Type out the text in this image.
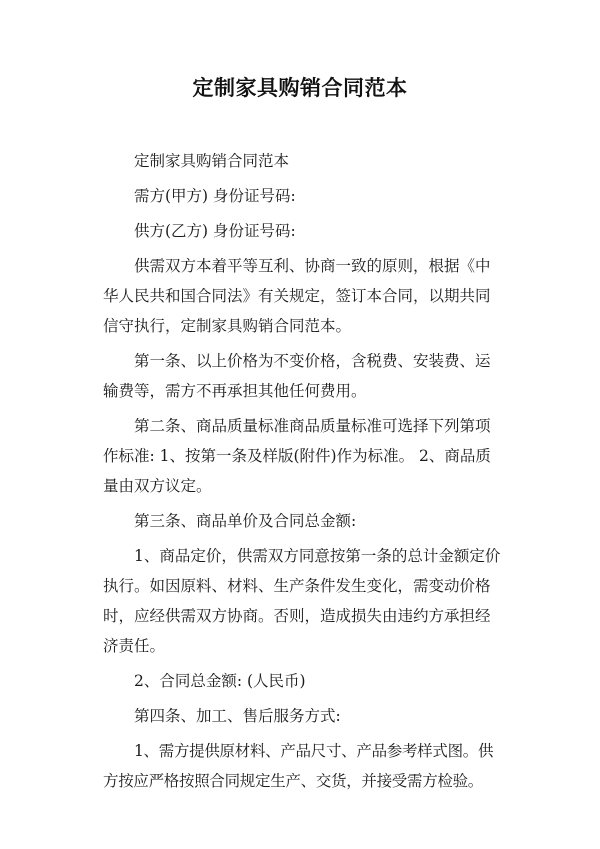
定制家具购销合同范本

定制家具购销合同范本

需方(甲方) 身份证号码:

供方(乙方) 身份证号码:

供需双方本着平等互利、协商一致的原则，根据《中华人民共和国合同法》有关规定，签订本合同，以期共同信守执行，定制家具购销合同范本。

第一条、以上价格为不变价格，含税费、安装费、运输费等，需方不再承担其他任何费用。

第二条、商品质量标准商品质量标准可选择下列第项作标准: 1、按第一条及样版(附件)作为标准。 2、商品质量由双方议定。

第三条、商品单价及合同总金额:

1、商品定价，供需双方同意按第一条的总计金额定价执行。如因原料、材料、生产条件发生变化，需变动价格时，应经供需双方协商。否则，造成损失由违约方承担经济责任。

2、合同总金额: (人民币)

第四条、加工、售后服务方式:

1、需方提供原材料、产品尺寸、产品参考样式图。供方按应严格按照合同规定生产、交货，并接受需方检验。
